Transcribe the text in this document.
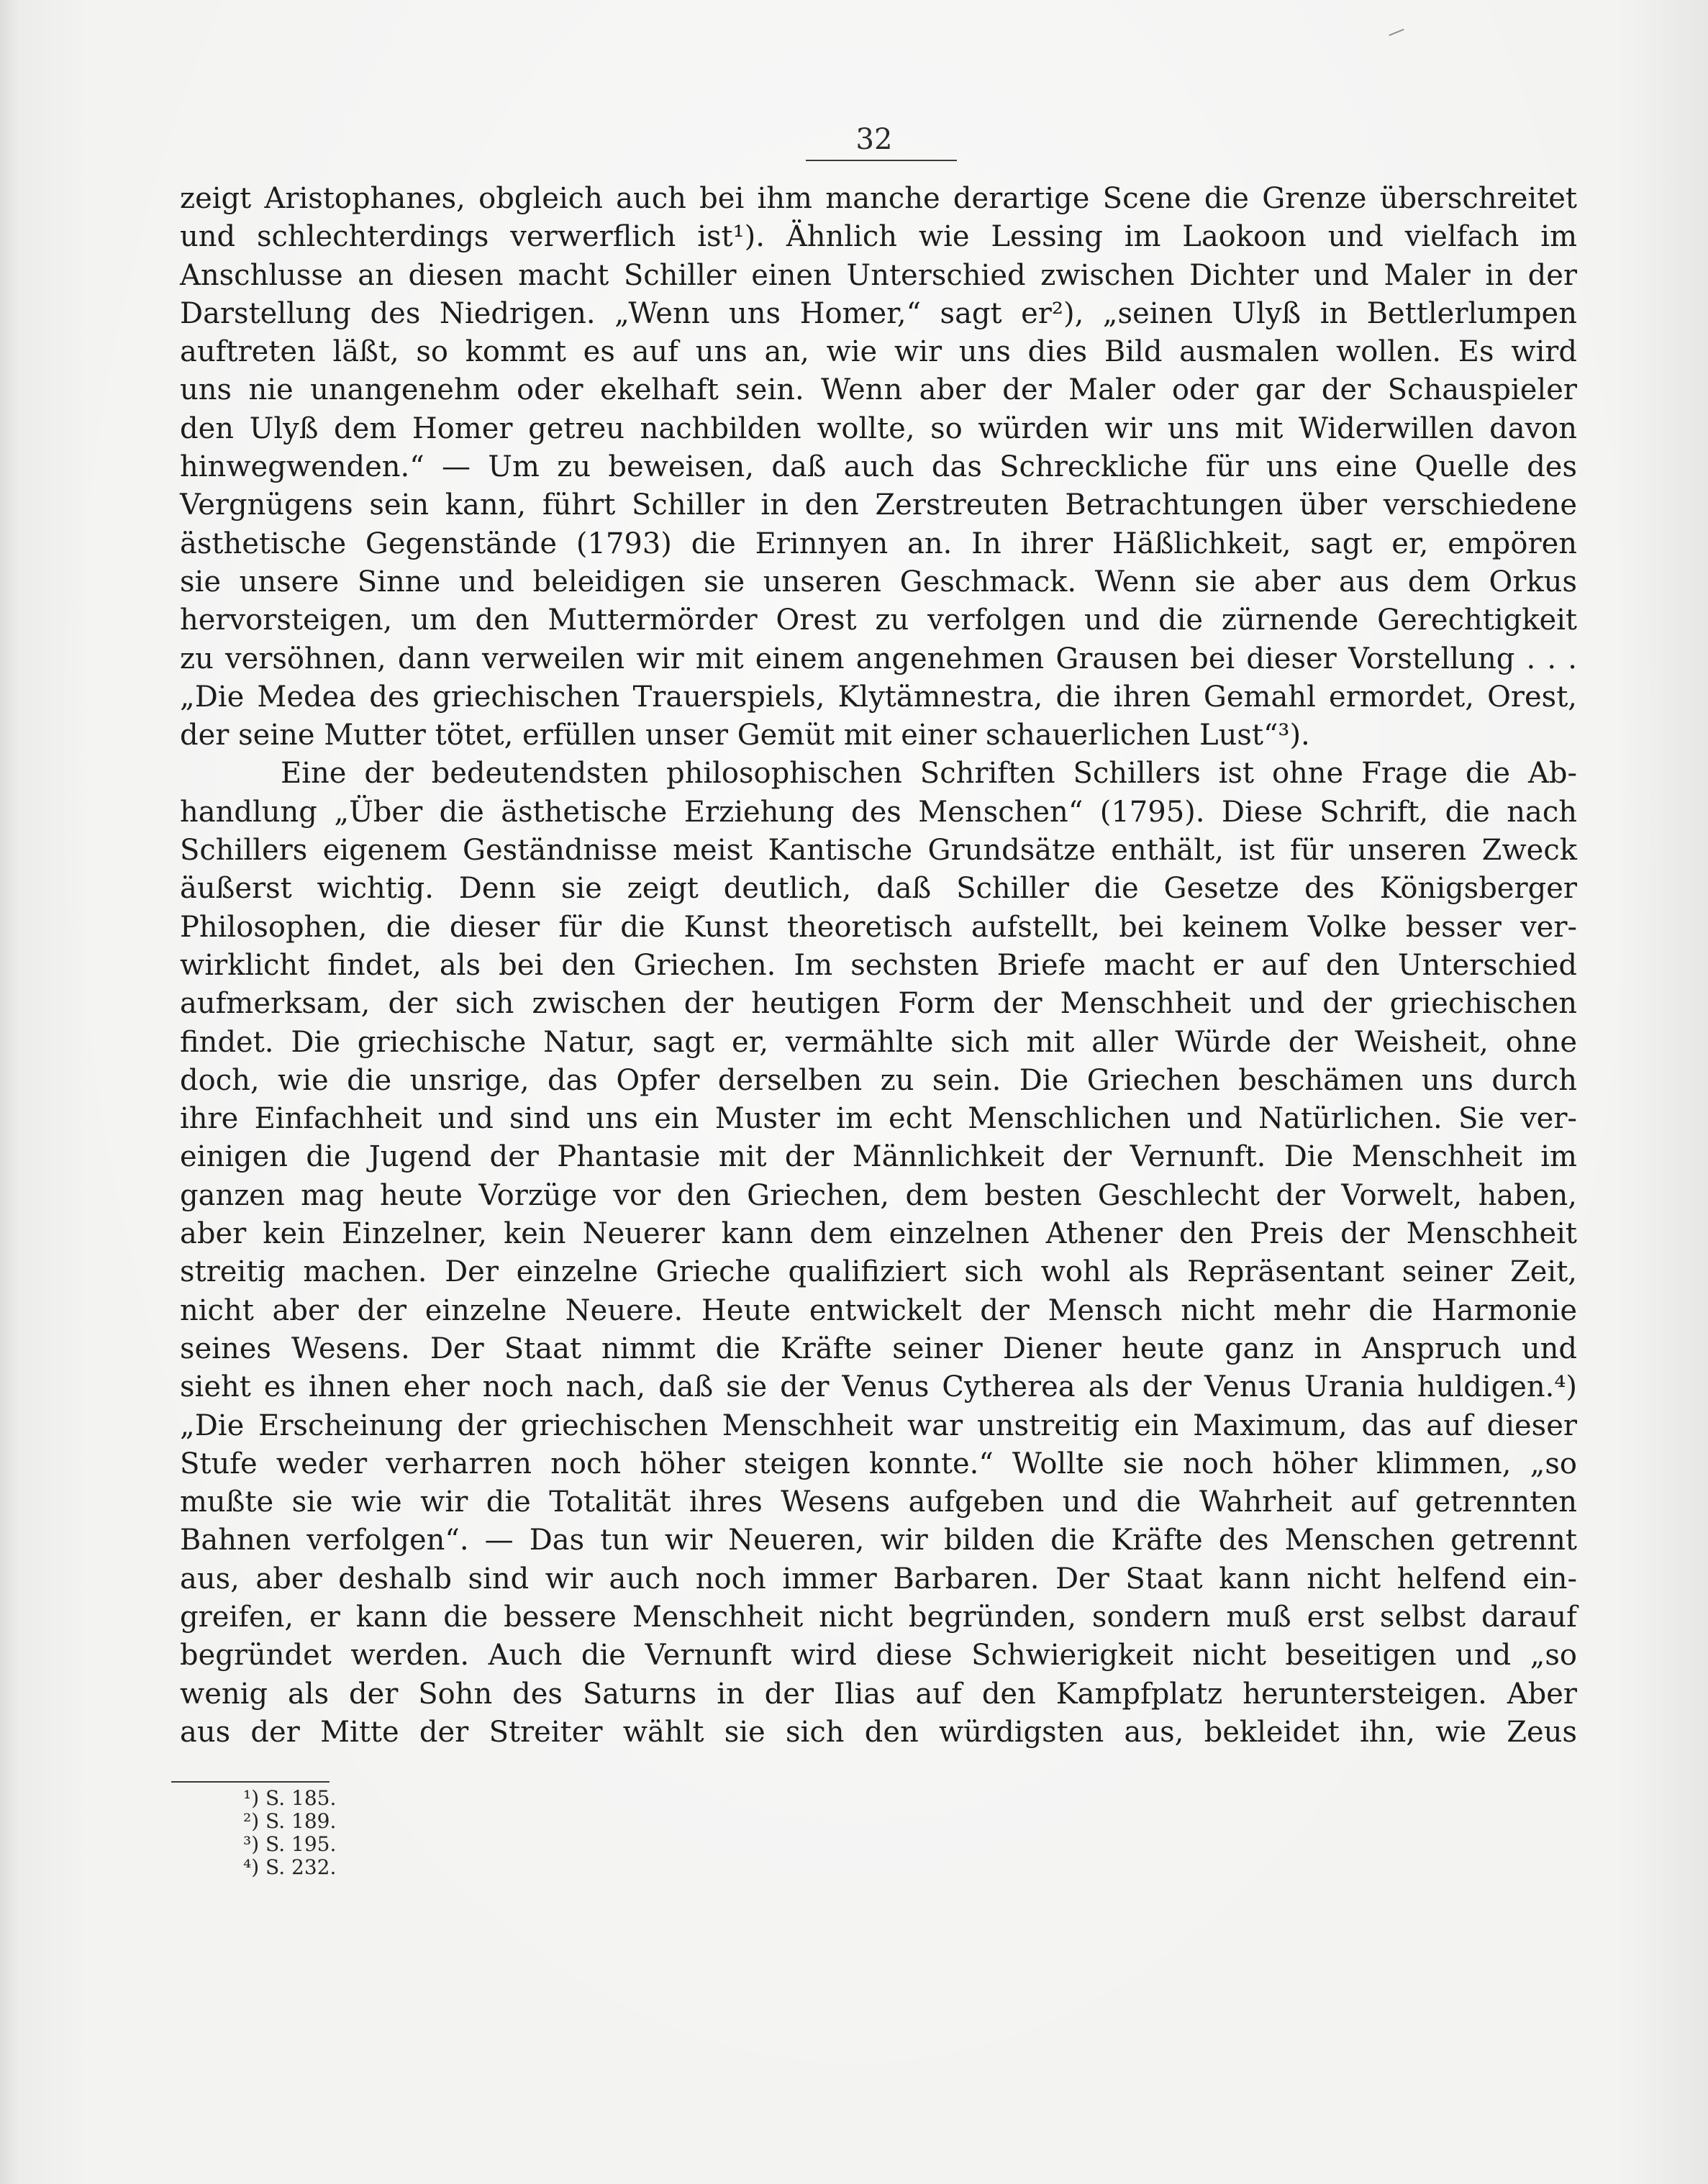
32
zeigt Aristophanes, obgleich auch bei ihm manche derartige Scene die Grenze überschreitet
und schlechterdings verwerflich ist¹). Ähnlich wie Lessing im Laokoon und vielfach im
Anschlusse an diesen macht Schiller einen Unterschied zwischen Dichter und Maler in der
Darstellung des Niedrigen. „Wenn uns Homer,“ sagt er²), „seinen Ulyß in Bettlerlumpen
auftreten läßt, so kommt es auf uns an, wie wir uns dies Bild ausmalen wollen. Es wird
uns nie unangenehm oder ekelhaft sein. Wenn aber der Maler oder gar der Schauspieler
den Ulyß dem Homer getreu nachbilden wollte, so würden wir uns mit Widerwillen davon
hinwegwenden.“ — Um zu beweisen, daß auch das Schreckliche für uns eine Quelle des
Vergnügens sein kann, führt Schiller in den Zerstreuten Betrachtungen über verschiedene
ästhetische Gegenstände (1793) die Erinnyen an. In ihrer Häßlichkeit, sagt er, empören
sie unsere Sinne und beleidigen sie unseren Geschmack. Wenn sie aber aus dem Orkus
hervorsteigen, um den Muttermörder Orest zu verfolgen und die zürnende Gerechtigkeit
zu versöhnen, dann verweilen wir mit einem angenehmen Grausen bei dieser Vorstellung . . .
„Die Medea des griechischen Trauerspiels, Klytämnestra, die ihren Gemahl ermordet, Orest,
der seine Mutter tötet, erfüllen unser Gemüt mit einer schauerlichen Lust“³).
Eine der bedeutendsten philosophischen Schriften Schillers ist ohne Frage die Ab-
handlung „Über die ästhetische Erziehung des Menschen“ (1795). Diese Schrift, die nach
Schillers eigenem Geständnisse meist Kantische Grundsätze enthält, ist für unseren Zweck
äußerst wichtig. Denn sie zeigt deutlich, daß Schiller die Gesetze des Königsberger
Philosophen, die dieser für die Kunst theoretisch aufstellt, bei keinem Volke besser ver-
wirklicht findet, als bei den Griechen. Im sechsten Briefe macht er auf den Unterschied
aufmerksam, der sich zwischen der heutigen Form der Menschheit und der griechischen
findet. Die griechische Natur, sagt er, vermählte sich mit aller Würde der Weisheit, ohne
doch, wie die unsrige, das Opfer derselben zu sein. Die Griechen beschämen uns durch
ihre Einfachheit und sind uns ein Muster im echt Menschlichen und Natürlichen. Sie ver-
einigen die Jugend der Phantasie mit der Männlichkeit der Vernunft. Die Menschheit im
ganzen mag heute Vorzüge vor den Griechen, dem besten Geschlecht der Vorwelt, haben,
aber kein Einzelner, kein Neuerer kann dem einzelnen Athener den Preis der Menschheit
streitig machen. Der einzelne Grieche qualifiziert sich wohl als Repräsentant seiner Zeit,
nicht aber der einzelne Neuere. Heute entwickelt der Mensch nicht mehr die Harmonie
seines Wesens. Der Staat nimmt die Kräfte seiner Diener heute ganz in Anspruch und
sieht es ihnen eher noch nach, daß sie der Venus Cytherea als der Venus Urania huldigen.⁴)
„Die Erscheinung der griechischen Menschheit war unstreitig ein Maximum, das auf dieser
Stufe weder verharren noch höher steigen konnte.“ Wollte sie noch höher klimmen, „so
mußte sie wie wir die Totalität ihres Wesens aufgeben und die Wahrheit auf getrennten
Bahnen verfolgen“. — Das tun wir Neueren, wir bilden die Kräfte des Menschen getrennt
aus, aber deshalb sind wir auch noch immer Barbaren. Der Staat kann nicht helfend ein-
greifen, er kann die bessere Menschheit nicht begründen, sondern muß erst selbst darauf
begründet werden. Auch die Vernunft wird diese Schwierigkeit nicht beseitigen und „so
wenig als der Sohn des Saturns in der Ilias auf den Kampfplatz heruntersteigen. Aber
aus der Mitte der Streiter wählt sie sich den würdigsten aus, bekleidet ihn, wie Zeus
¹) S. 185.
²) S. 189.
³) S. 195.
⁴) S. 232.
